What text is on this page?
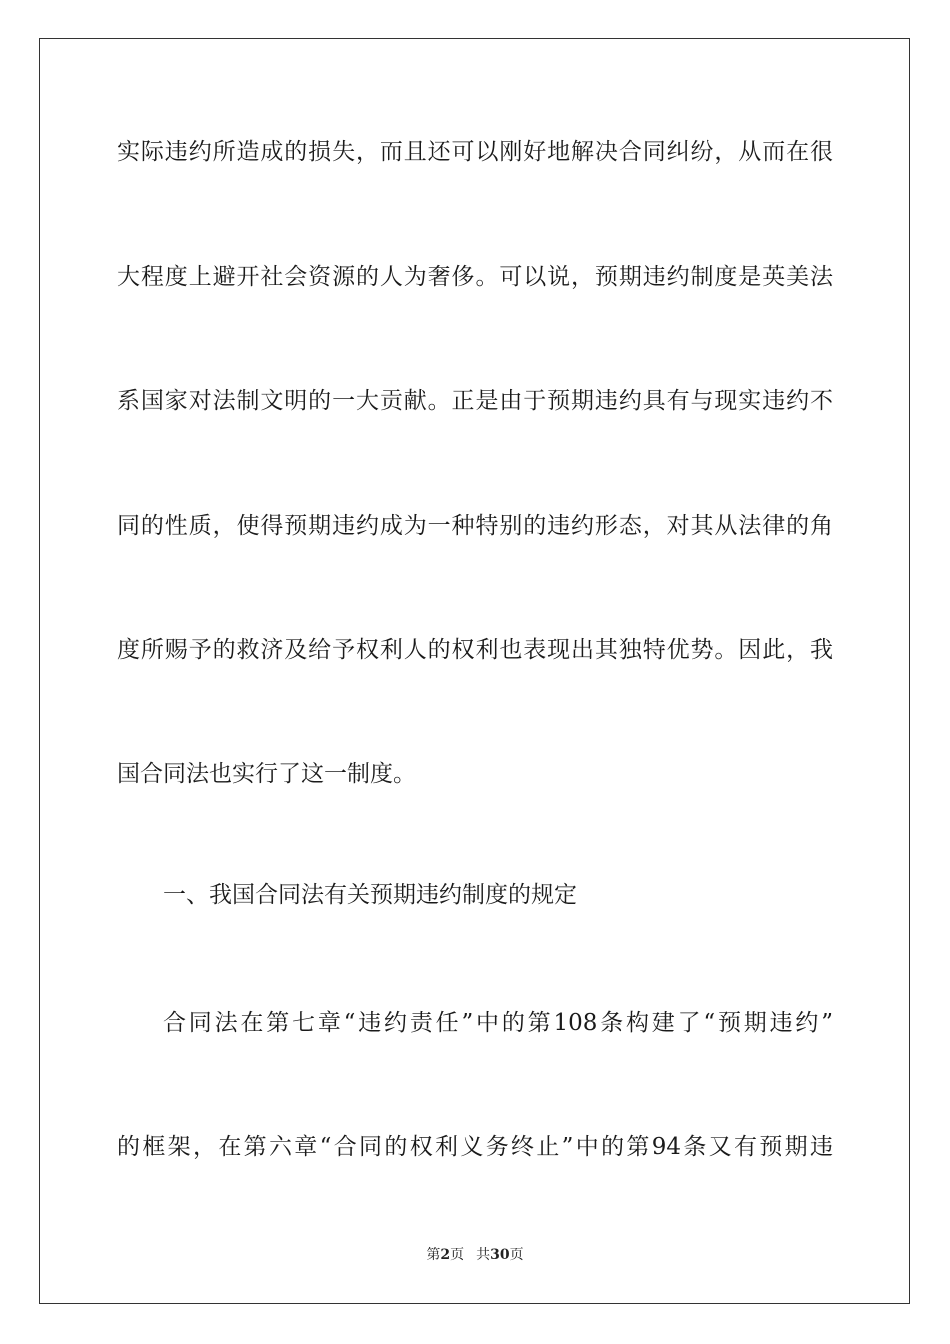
实际违约所造成的损失，而且还可以刚好地解决合同纠纷，从而在很
大程度上避开社会资源的人为奢侈。可以说，预期违约制度是英美法
系国家对法制文明的一大贡献。正是由于预期违约具有与现实违约不
同的性质，使得预期违约成为一种特别的违约形态，对其从法律的角
度所赐予的救济及给予权利人的权利也表现出其独特优势。因此，我
国合同法也实行了这一制度。
一、我国合同法有关预期违约制度的规定
合同法在第七章“违约责任”中的第108条构建了“预期违约”
的框架，在第六章“合同的权利义务终止”中的第94条又有预期违
第2页 共30页
